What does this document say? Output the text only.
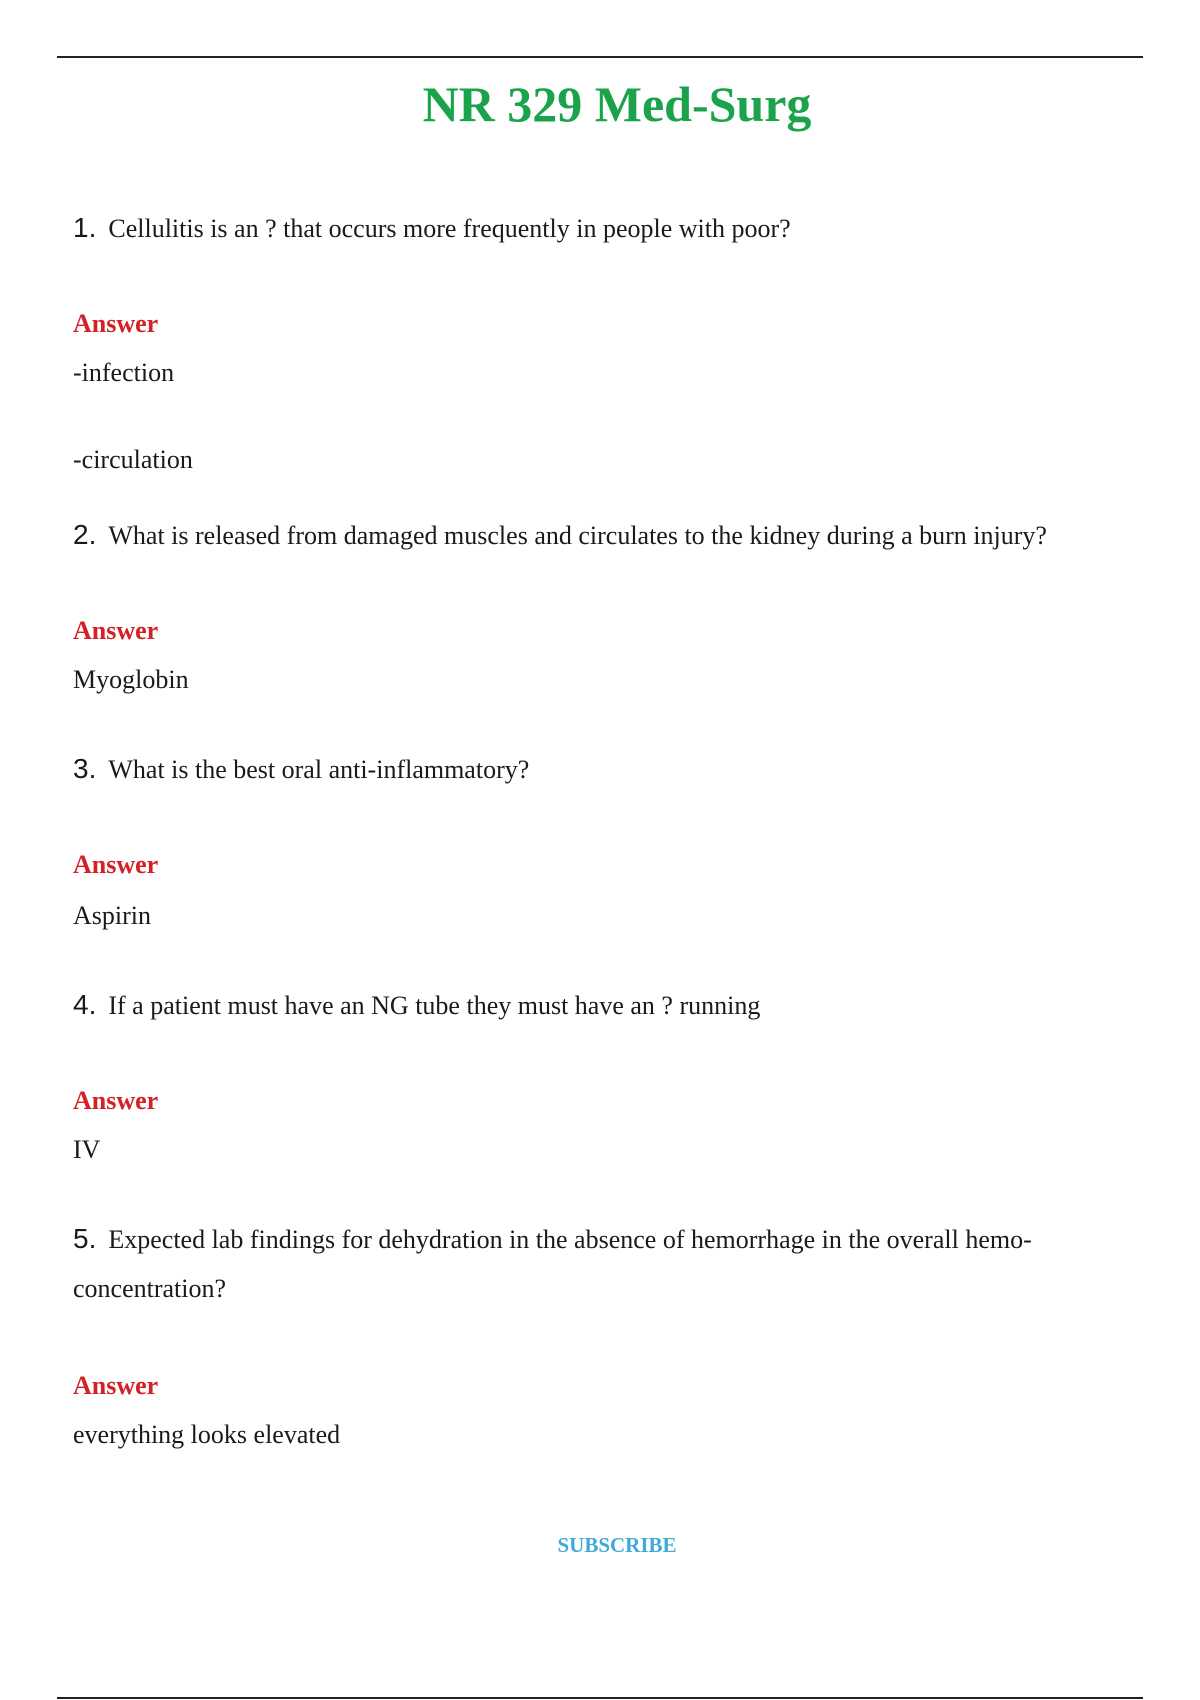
NR 329 Med-Surg

1. Cellulitis is an ? that occurs more frequently in people with poor?

Answer

-infection

-circulation

2. What is released from damaged muscles and circulates to the kidney during a burn injury?

Answer

Myoglobin

3. What is the best oral anti-inflammatory?

Answer

Aspirin

4. If a patient must have an NG tube they must have an ? running

Answer

IV

5. Expected lab findings for dehydration in the absence of hemorrhage in the overall hemo-concentration?

Answer

everything looks elevated

SUBSCRIBE
